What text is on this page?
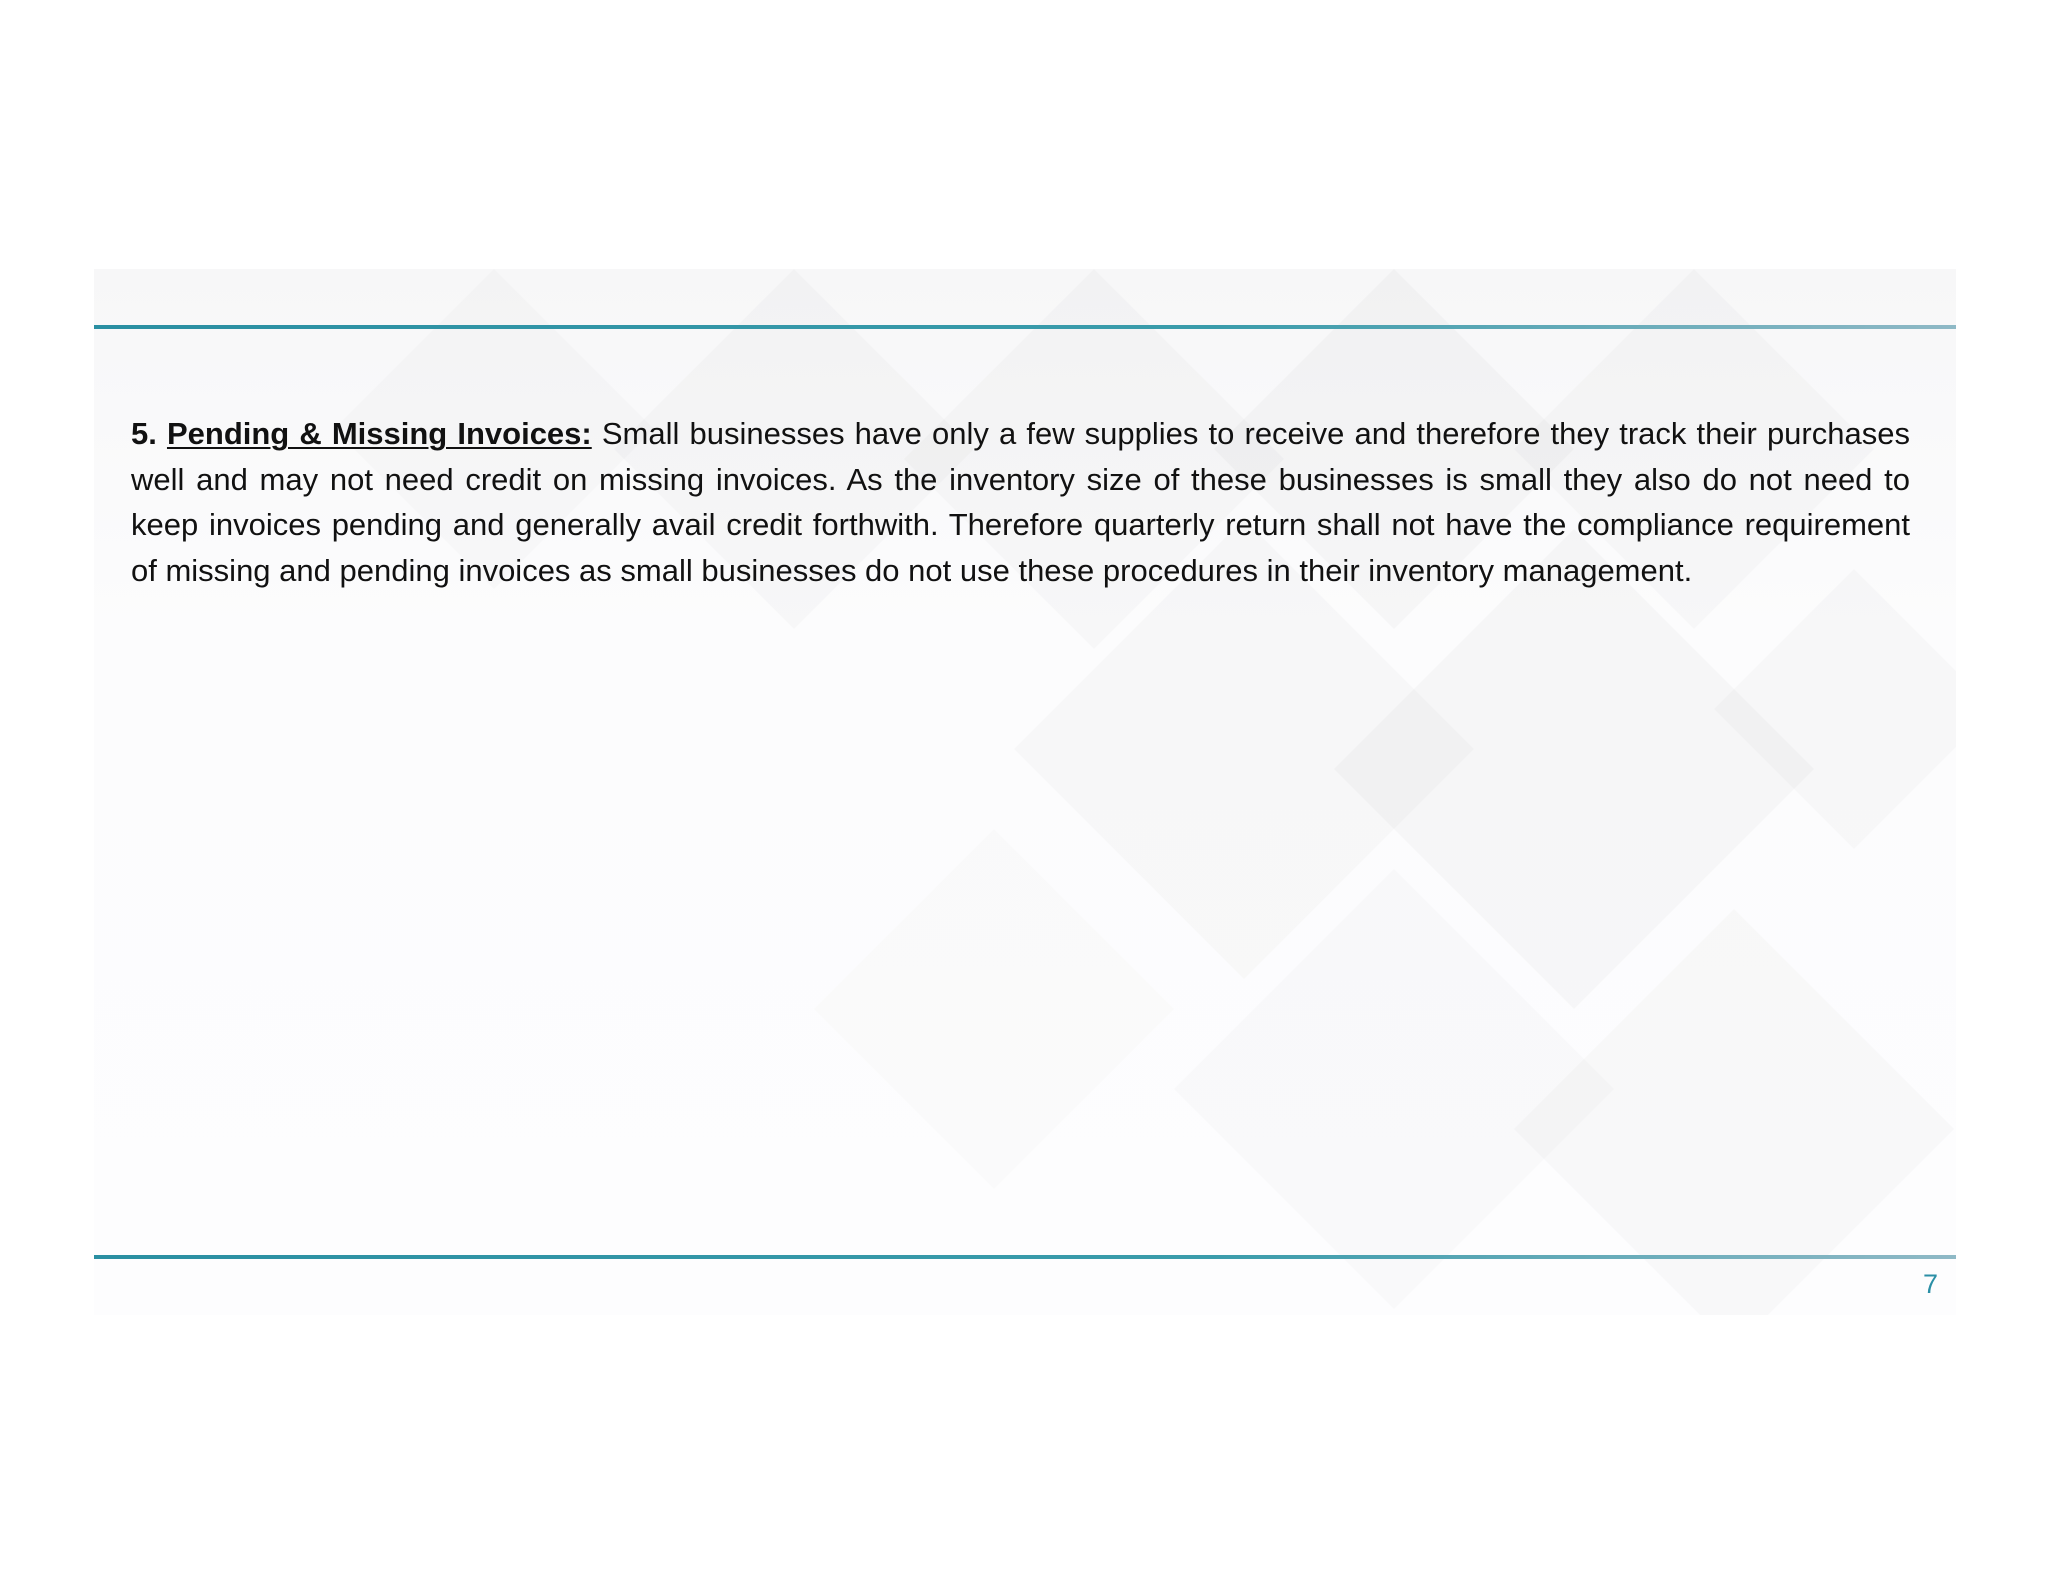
5. Pending & Missing Invoices: Small businesses have only a few supplies to receive and therefore they track their purchases well and may not need credit on missing invoices. As the inventory size of these businesses is small they also do not need to keep invoices pending and generally avail credit forthwith. Therefore quarterly return shall not have the compliance requirement of missing and pending invoices as small businesses do not use these procedures in their inventory management.

7
